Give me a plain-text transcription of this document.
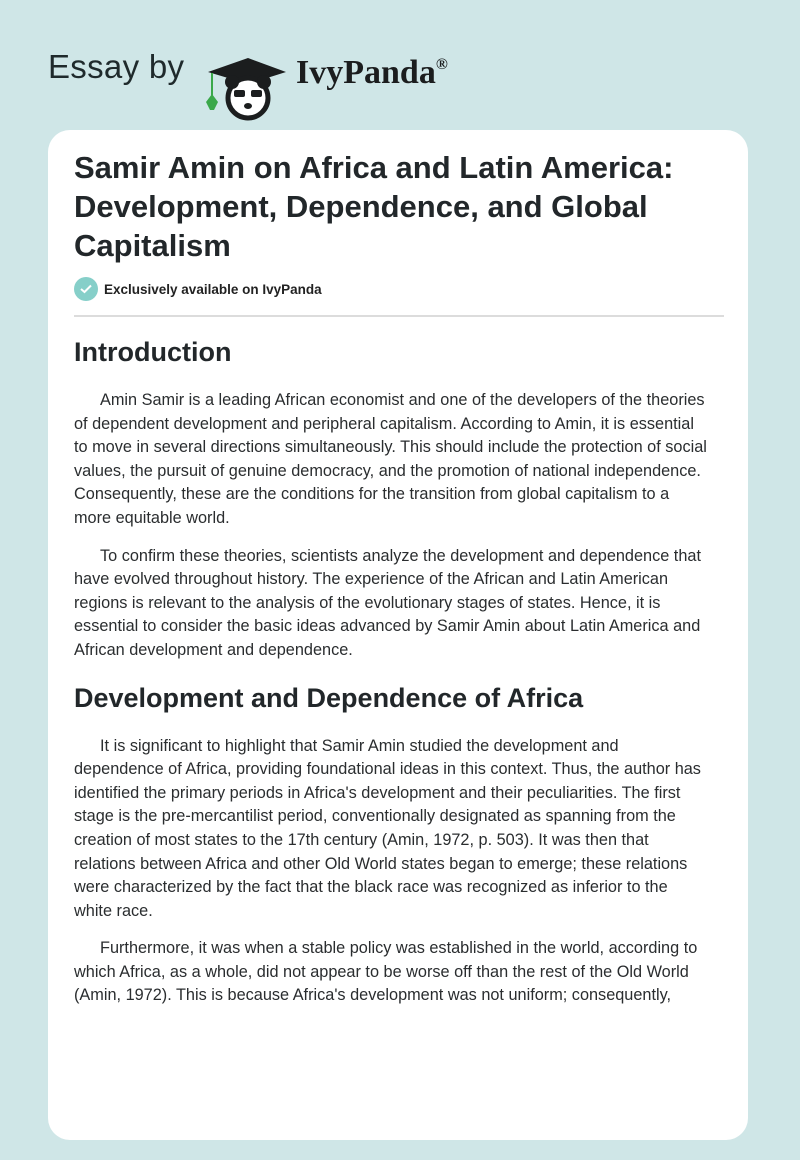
Essay by	IvyPanda®
Samir Amin on Africa and Latin America:
Development, Dependence, and Global
Capitalism
Exclusively available on IvyPanda
Introduction

Amin Samir is a leading African economist and one of the developers of the theories
of dependent development and peripheral capitalism. According to Amin, it is essential
to move in several directions simultaneously. This should include the protection of social
values, the pursuit of genuine democracy, and the promotion of national independence.
Consequently, these are the conditions for the transition from global capitalism to a
more equitable world.

To confirm these theories, scientists analyze the development and dependence that
have evolved throughout history. The experience of the African and Latin American
regions is relevant to the analysis of the evolutionary stages of states. Hence, it is
essential to consider the basic ideas advanced by Samir Amin about Latin America and
African development and dependence.

Development and Dependence of Africa

It is significant to highlight that Samir Amin studied the development and
dependence of Africa, providing foundational ideas in this context. Thus, the author has
identified the primary periods in Africa's development and their peculiarities. The first
stage is the pre-mercantilist period, conventionally designated as spanning from the
creation of most states to the 17th century (Amin, 1972, p. 503). It was then that
relations between Africa and other Old World states began to emerge; these relations
were characterized by the fact that the black race was recognized as inferior to the
white race.

Furthermore, it was when a stable policy was established in the world, according to
which Africa, as a whole, did not appear to be worse off than the rest of the Old World
(Amin, 1972). This is because Africa's development was not uniform; consequently,
